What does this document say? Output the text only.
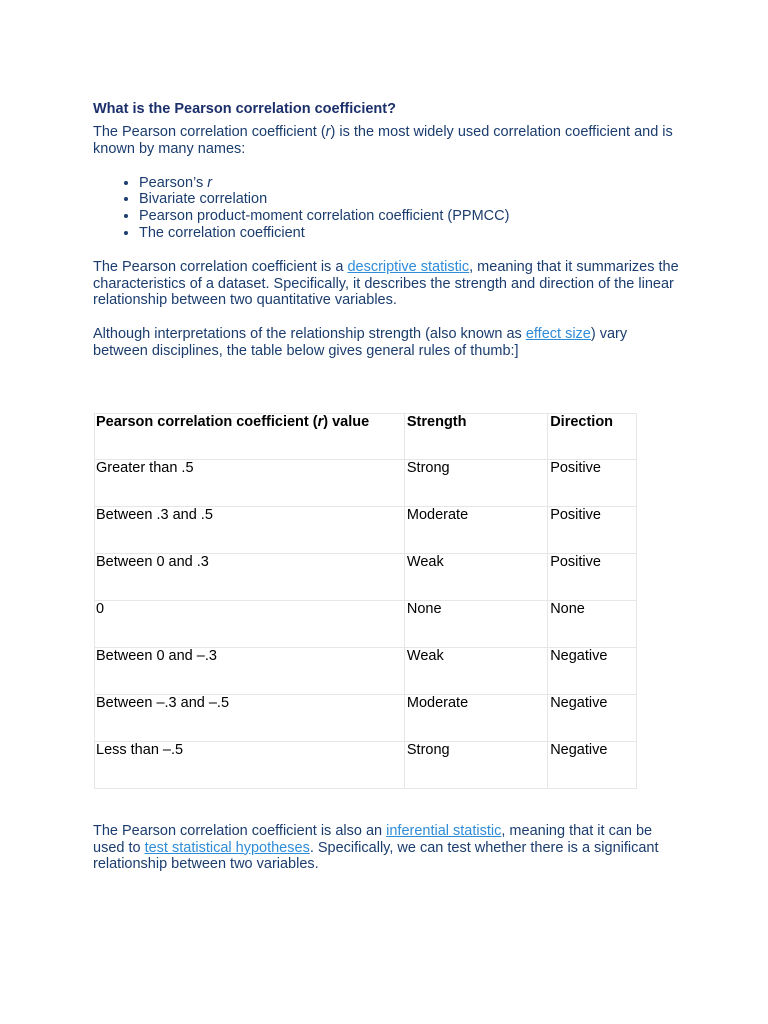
What is the Pearson correlation coefficient?

The Pearson correlation coefficient (r) is the most widely used correlation coefficient and is known by many names:

• Pearson’s r
• Bivariate correlation
• Pearson product-moment correlation coefficient (PPMCC)
• The correlation coefficient

The Pearson correlation coefficient is a descriptive statistic, meaning that it summarizes the characteristics of a dataset. Specifically, it describes the strength and direction of the linear relationship between two quantitative variables.

Although interpretations of the relationship strength (also known as effect size) vary between disciplines, the table below gives general rules of thumb:]

Pearson correlation coefficient (r) value	Strength	Direction
Greater than .5	Strong	Positive
Between .3 and .5	Moderate	Positive
Between 0 and .3	Weak	Positive
0	None	None
Between 0 and –.3	Weak	Negative
Between –.3 and –.5	Moderate	Negative
Less than –.5	Strong	Negative

The Pearson correlation coefficient is also an inferential statistic, meaning that it can be used to test statistical hypotheses. Specifically, we can test whether there is a significant relationship between two variables.
